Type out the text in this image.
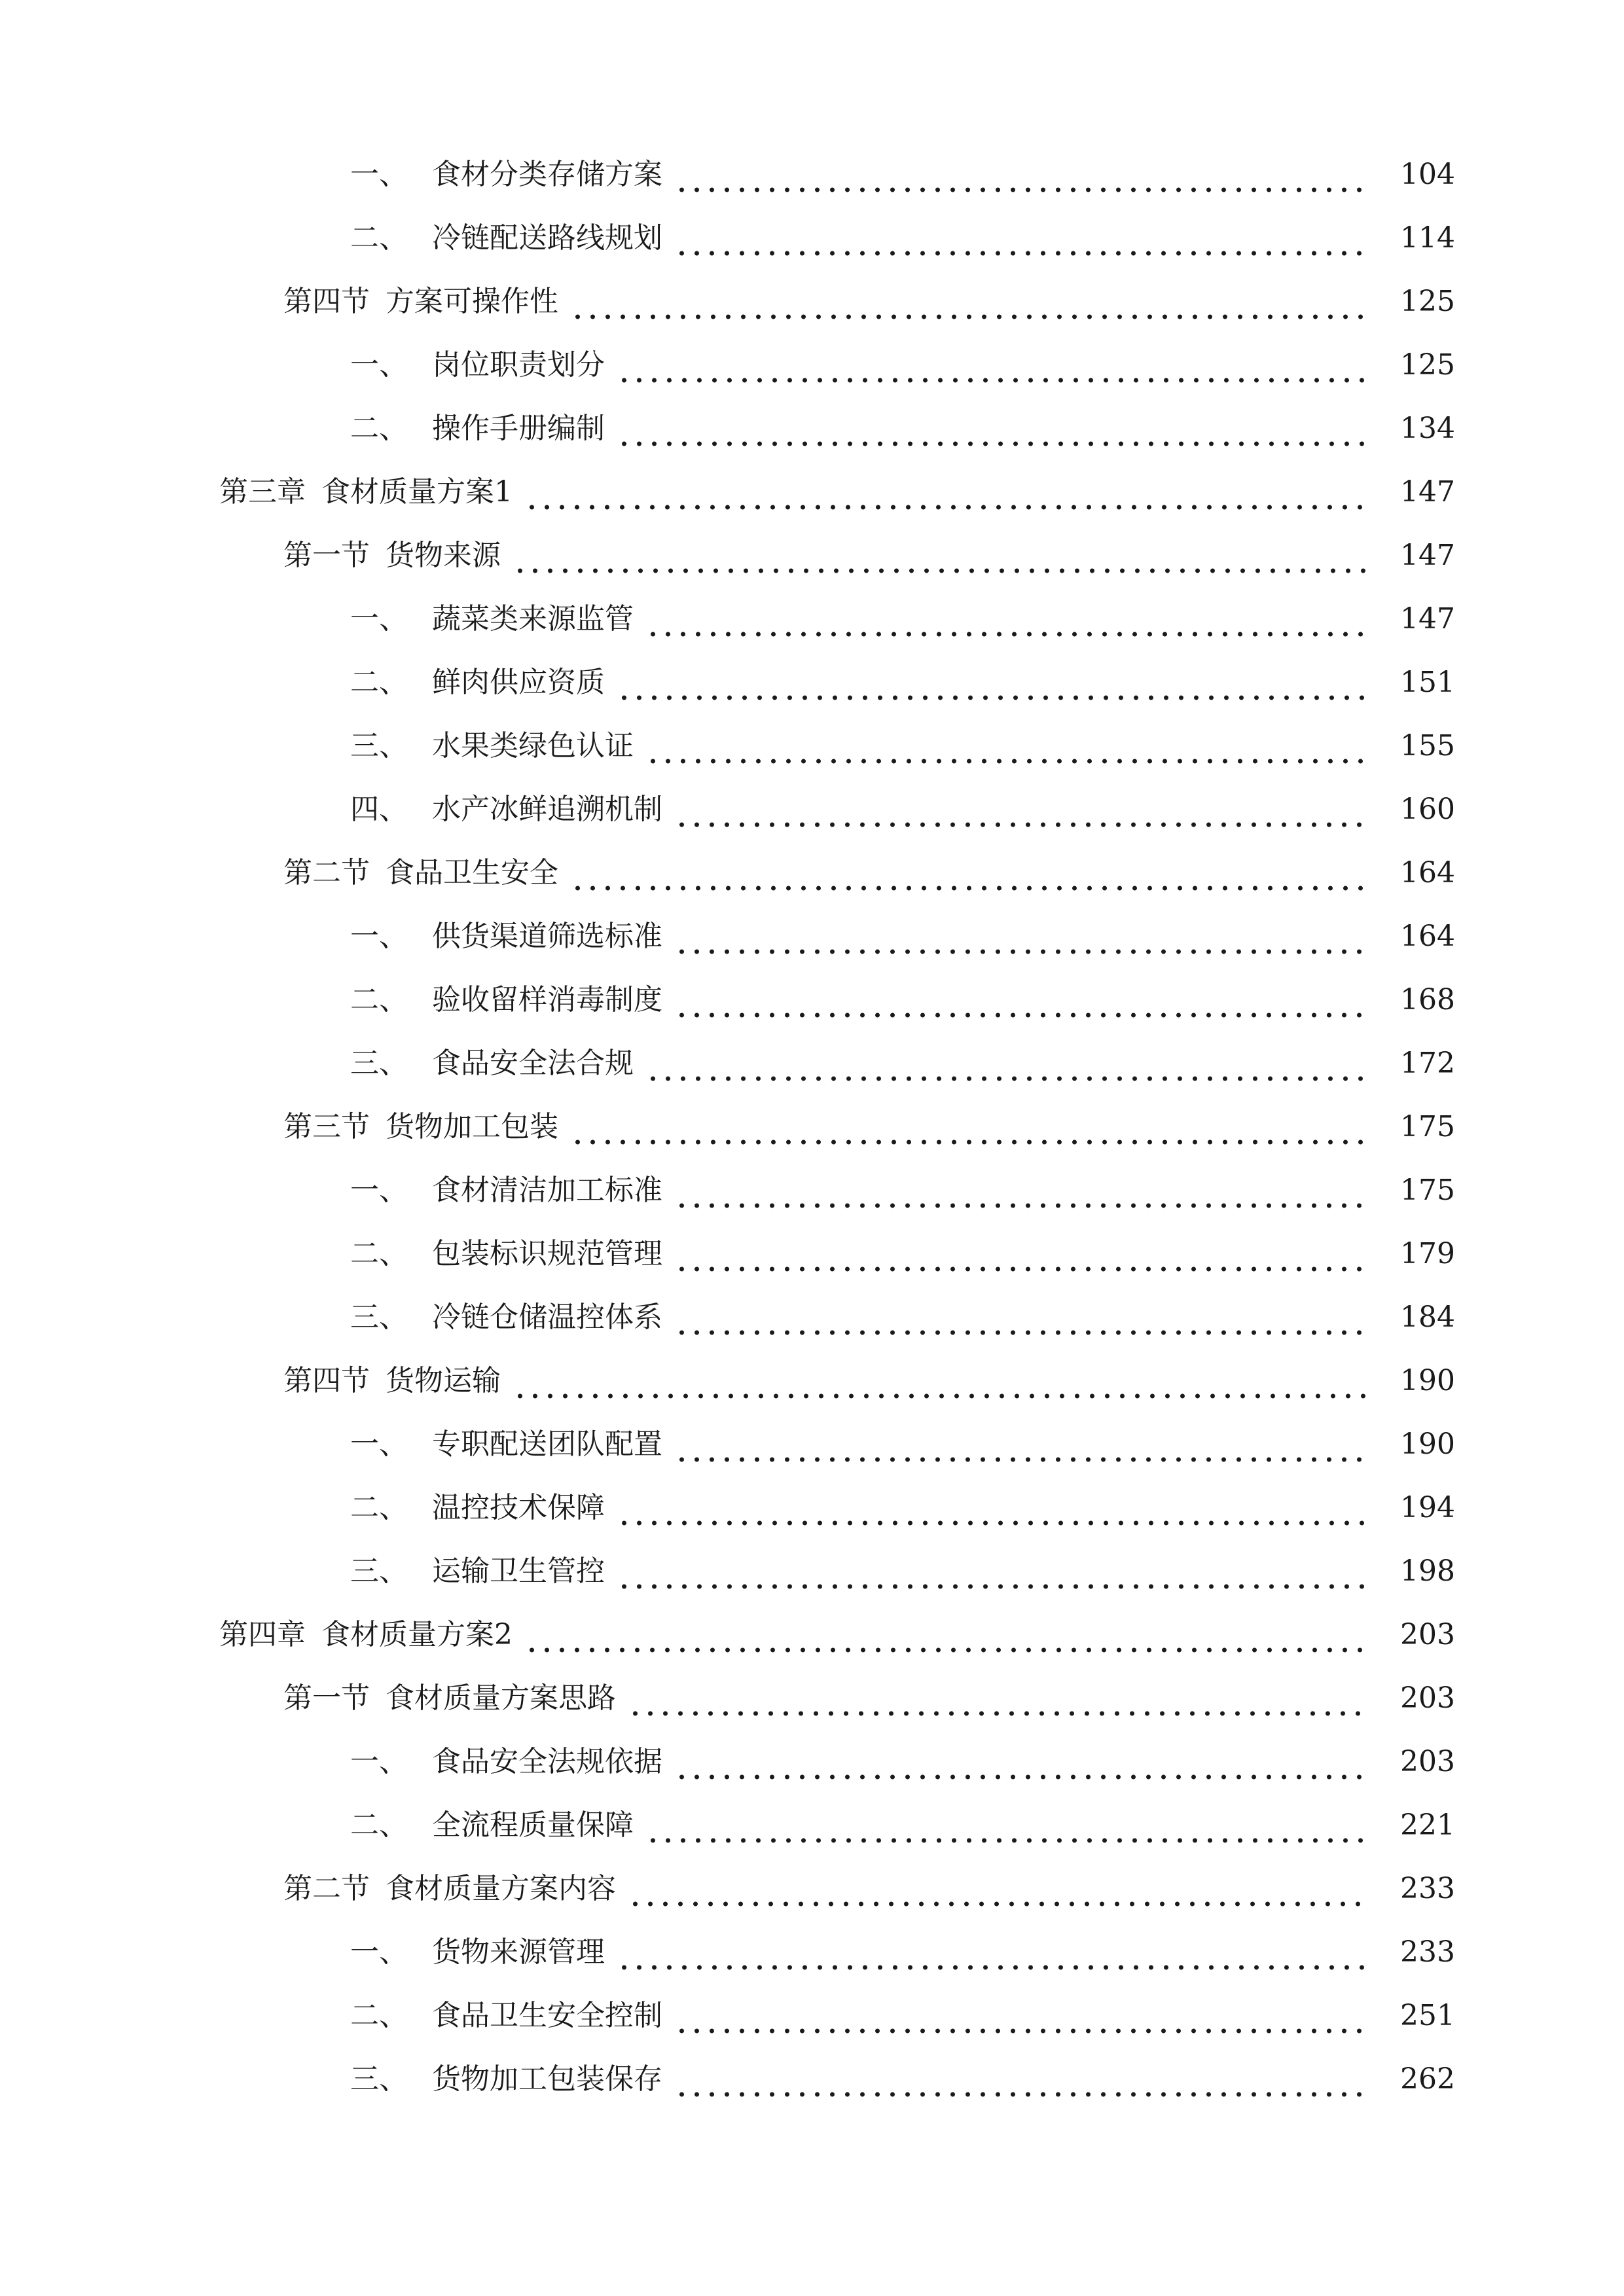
一、 食材分类存储方案	104
二、 冷链配送路线规划	114
第四节 方案可操作性	125
一、 岗位职责划分	125
二、 操作手册编制	134
第三章 食材质量方案1	147
第一节 货物来源	147
一、 蔬菜类来源监管	147
二、 鲜肉供应资质	151
三、 水果类绿色认证	155
四、 水产冰鲜追溯机制	160
第二节 食品卫生安全	164
一、 供货渠道筛选标准	164
二、 验收留样消毒制度	168
三、 食品安全法合规	172
第三节 货物加工包装	175
一、 食材清洁加工标准	175
二、 包装标识规范管理	179
三、 冷链仓储温控体系	184
第四节 货物运输	190
一、 专职配送团队配置	190
二、 温控技术保障	194
三、 运输卫生管控	198
第四章 食材质量方案2	203
第一节 食材质量方案思路	203
一、 食品安全法规依据	203
二、 全流程质量保障	221
第二节 食材质量方案内容	233
一、 货物来源管理	233
二、 食品卫生安全控制	251
三、 货物加工包装保存	262
